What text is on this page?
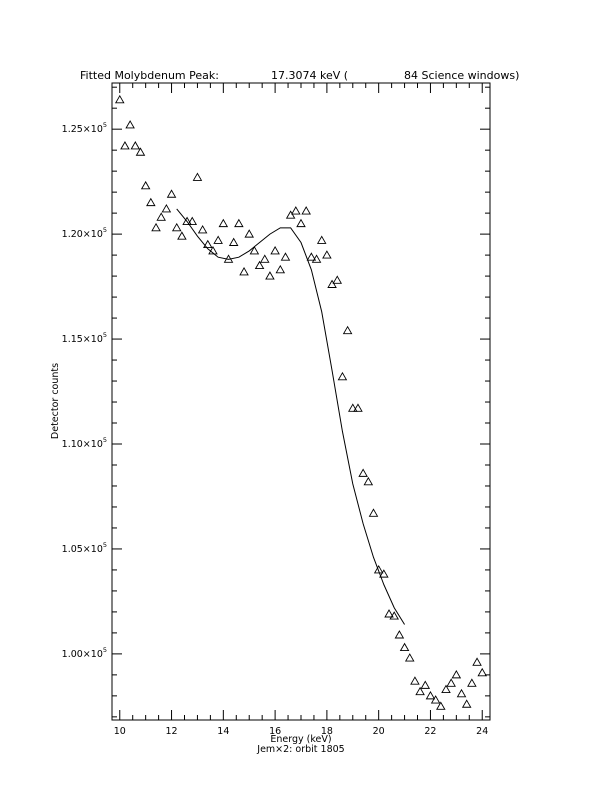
Fitted Molybdenum Peak:	17.3074 keV (	84 Science windows)
10	12	14	16	18	20	22	24
$1.00\times 10^5$
$1.05\times 10^5$
$1.10\times 10^5$
$1.15\times 10^5$
$1.20\times 10^5$
$1.25\times 10^5$
Energy (keV)
Jem×2: orbit 1805
Detector counts
